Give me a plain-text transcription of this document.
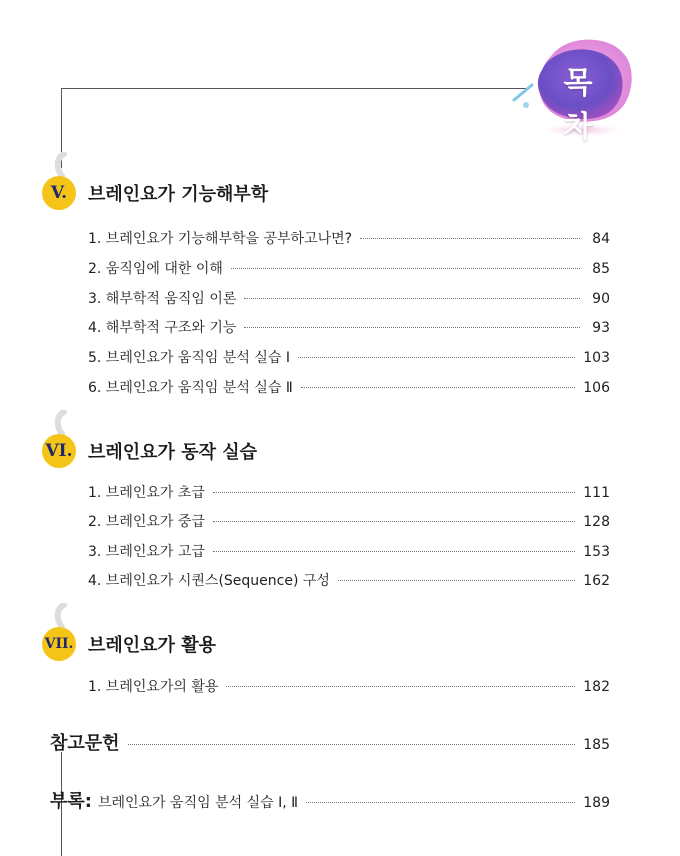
목 차
V.	브레인요가 기능해부학
1. 브레인요가 기능해부학을 공부하고나면?	84
2. 움직임에 대한 이해	85
3. 해부학적 움직임 이론	90
4. 해부학적 구조와 기능	93
5. 브레인요가 움직임 분석 실습 Ⅰ	103
6. 브레인요가 움직임 분석 실습 Ⅱ	106
VI. 브레인요가 동작 실습
1. 브레인요가 초급	111
2. 브레인요가 중급	128
3. 브레인요가 고급	153
4. 브레인요가 시퀀스(Sequence) 구성	162
VII. 브레인요가 활용
1. 브레인요가의 활용	182
참고문헌	185
부록: 브레인요가 움직임 분석 실습 Ⅰ, Ⅱ	189
